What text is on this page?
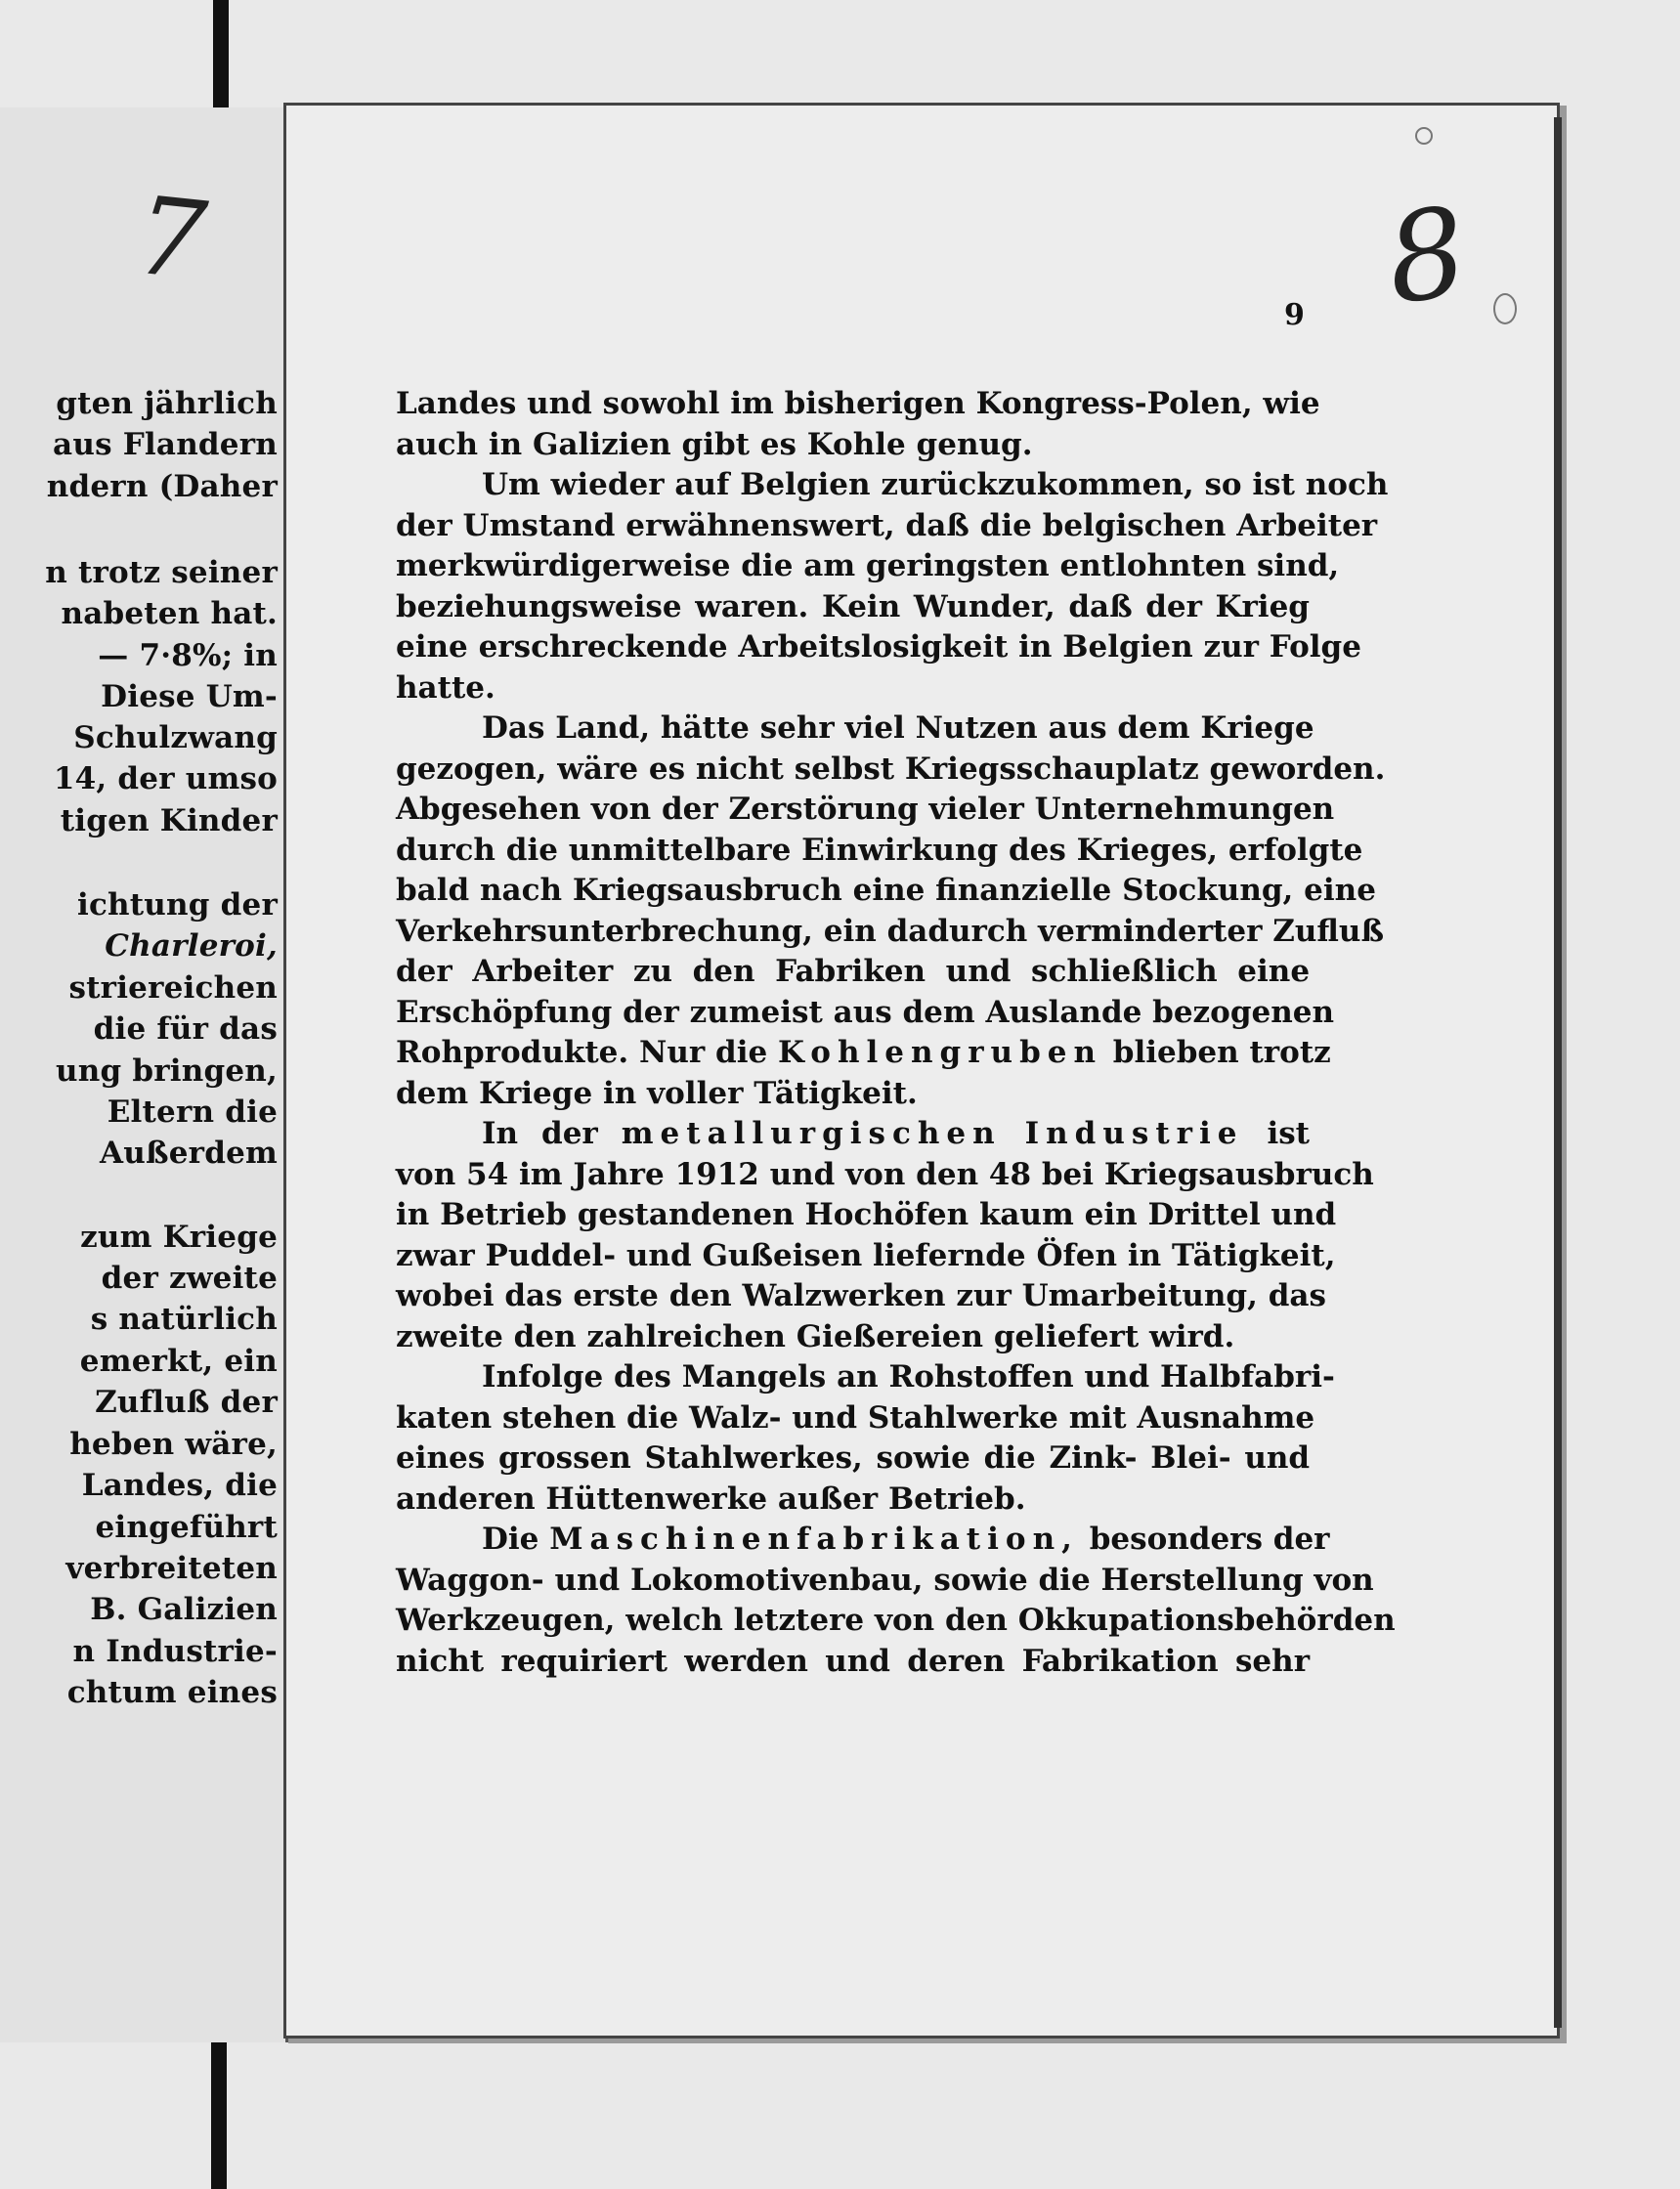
7
gten jährlich
aus Flandern
ndern (Daher
n trotz seiner
nabeten hat.
— 7·8%; in
Diese Um-
Schulzwang
14, der umso
tigen Kinder
ichtung der
Charleroi,
striereichen
die für das
ung bringen,
Eltern die
Außerdem
zum Kriege
der zweite
s natürlich
emerkt, ein
Zufluß der
heben wäre,
Landes, die
eingeführt
verbreiteten
B. Galizien
n Industrie-
chtum eines
8
9
Landes und sowohl im bisherigen Kongress-Polen, wie
auch in Galizien gibt es Kohle genug.
Um wieder auf Belgien zurückzukommen, so ist noch
der Umstand erwähnenswert, daß die belgischen Arbeiter
merkwürdigerweise die am geringsten entlohnten sind,
beziehungsweise waren. Kein Wunder, daß der Krieg
eine erschreckende Arbeitslosigkeit in Belgien zur Folge
hatte.
Das Land, hätte sehr viel Nutzen aus dem Kriege
gezogen, wäre es nicht selbst Kriegsschauplatz geworden.
Abgesehen von der Zerstörung vieler Unternehmungen
durch die unmittelbare Einwirkung des Krieges, erfolgte
bald nach Kriegsausbruch eine finanzielle Stockung, eine
Verkehrsunterbrechung, ein dadurch verminderter Zufluß
der Arbeiter zu den Fabriken und schließlich eine
Erschöpfung der zumeist aus dem Auslande bezogenen
Rohprodukte. Nur die Kohlengruben blieben trotz
dem Kriege in voller Tätigkeit.
In der metallurgischen Industrie ist
von 54 im Jahre 1912 und von den 48 bei Kriegsausbruch
in Betrieb gestandenen Hochöfen kaum ein Drittel und
zwar Puddel- und Gußeisen liefernde Öfen in Tätigkeit,
wobei das erste den Walzwerken zur Umarbeitung, das
zweite den zahlreichen Gießereien geliefert wird.
Infolge des Mangels an Rohstoffen und Halbfabri-
katen stehen die Walz- und Stahlwerke mit Ausnahme
eines grossen Stahlwerkes, sowie die Zink- Blei- und
anderen Hüttenwerke außer Betrieb.
Die Maschinenfabrikation, besonders der
Waggon- und Lokomotivenbau, sowie die Herstellung von
Werkzeugen, welch letztere von den Okkupationsbehörden
nicht requiriert werden und deren Fabrikation sehr
